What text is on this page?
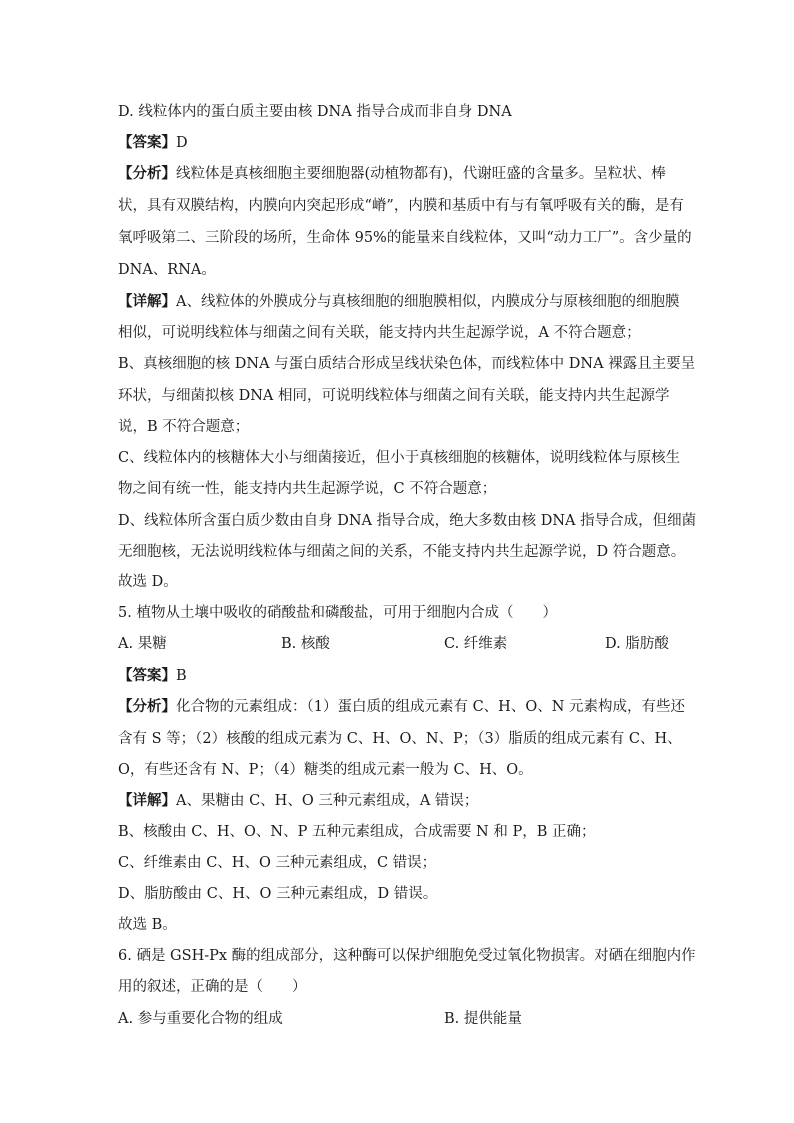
D. 线粒体内的蛋白质主要由核 DNA 指导合成而非自身 DNA
【答案】D
【分析】线粒体是真核细胞主要细胞器(动植物都有)，代谢旺盛的含量多。呈粒状、棒
状，具有双膜结构，内膜向内突起形成“嵴”，内膜和基质中有与有氧呼吸有关的酶，是有
氧呼吸第二、三阶段的场所，生命体 95%的能量来自线粒体，又叫“动力工厂”。含少量的
DNA、RNA。
【详解】A、线粒体的外膜成分与真核细胞的细胞膜相似，内膜成分与原核细胞的细胞膜
相似，可说明线粒体与细菌之间有关联，能支持内共生起源学说，A 不符合题意；
B、真核细胞的核 DNA 与蛋白质结合形成呈线状染色体，而线粒体中 DNA 裸露且主要呈
环状，与细菌拟核 DNA 相同，可说明线粒体与细菌之间有关联，能支持内共生起源学
说，B 不符合题意；
C、线粒体内的核糖体大小与细菌接近，但小于真核细胞的核糖体，说明线粒体与原核生
物之间有统一性，能支持内共生起源学说，C 不符合题意；
D、线粒体所含蛋白质少数由自身 DNA 指导合成，绝大多数由核 DNA 指导合成，但细菌
无细胞核，无法说明线粒体与细菌之间的关系，不能支持内共生起源学说，D 符合题意。
故选 D。
5. 植物从土壤中吸收的硝酸盐和磷酸盐，可用于细胞内合成（　　）
A. 果糖	B. 核酸	C. 纤维素	D. 脂肪酸
【答案】B
【分析】化合物的元素组成：（1）蛋白质的组成元素有 C、H、O、N 元素构成，有些还
含有 S 等；（2）核酸的组成元素为 C、H、O、N、P；（3）脂质的组成元素有 C、H、
O，有些还含有 N、P；（4）糖类的组成元素一般为 C、H、O。
【详解】A、果糖由 C、H、O 三种元素组成，A 错误；
B、核酸由 C、H、O、N、P 五种元素组成，合成需要 N 和 P，B 正确；
C、纤维素由 C、H、O 三种元素组成，C 错误；
D、脂肪酸由 C、H、O 三种元素组成，D 错误。
故选 B。
6. 硒是 GSH-Px 酶的组成部分，这种酶可以保护细胞免受过氧化物损害。对硒在细胞内作
用的叙述，正确的是（　　）
A. 参与重要化合物的组成	B. 提供能量
